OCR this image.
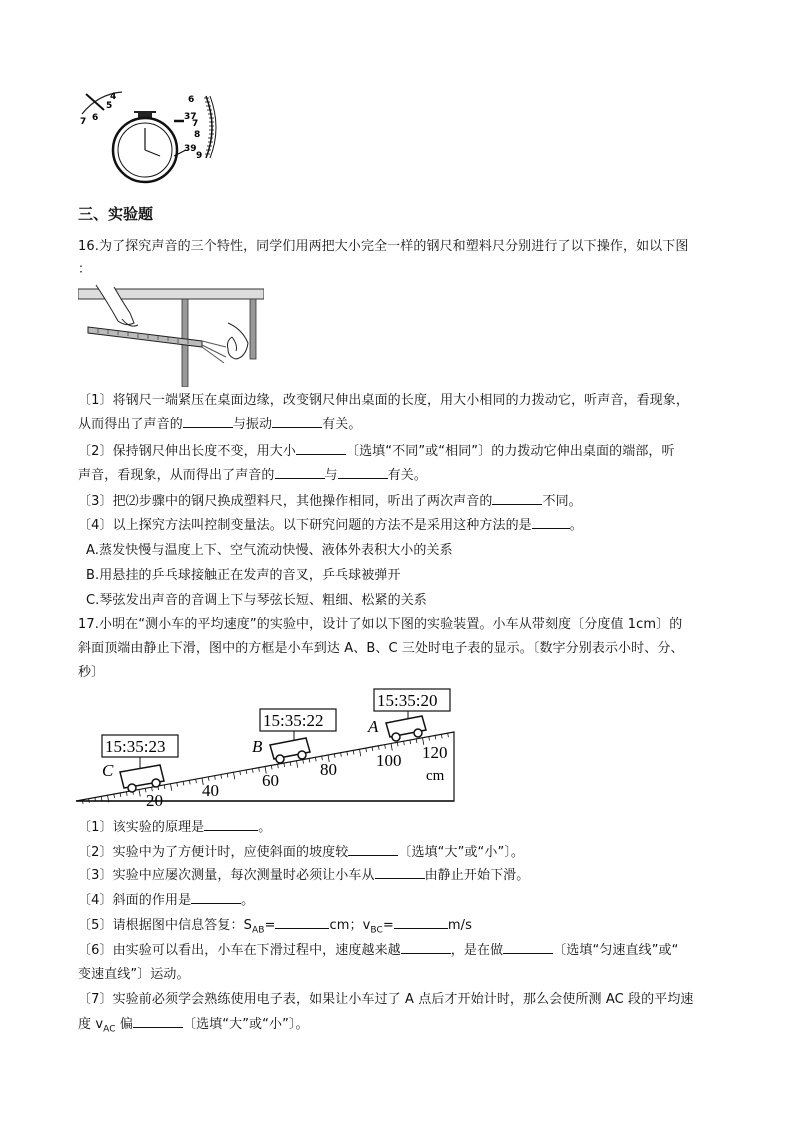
7 6
5
4	6
37
7
8
39
9
三、实验题
16.为了探究声音的三个特性，同学们用两把大小完全一样的钢尺和塑料尺分别进行了以下操作，如以下图
：
〔1〕将钢尺一端紧压在桌面边缘，改变钢尺伸出桌面的长度，用大小相同的力拨动它，听声音，看现象，
从而得出了声音的	与振动	有关。
〔2〕保持钢尺伸出长度不变，用大小	〔选填“不同”或“相同”〕的力拨动它伸出桌面的端部，听
声音，看现象，从而得出了声音的	与	有关。
〔3〕把⑵步骤中的钢尺换成塑料尺，其他操作相同，听出了两次声音的	不同。
〔4〕以上探究方法叫控制变量法。以下研究问题的方法不是采用这种方法的是	。
A.蒸发快慢与温度上下、空气流动快慢、液体外表积大小的关系
B.用悬挂的乒乓球接触正在发声的音叉，乒乓球被弹开
C.琴弦发出声音的音调上下与琴弦长短、粗细、松紧的关系
17.小明在“测小车的平均速度”的实验中，设计了如以下图的实验装置。小车从带刻度〔分度值 1cm〕的
斜面顶端由静止下滑，图中的方框是小车到达 A、B、C 三处时电子表的显示。〔数字分别表示小时、分、
秒〕
20
40
60
80 100 120
cm
C
15:35:23	B
15:35:22	A
15:35:20
〔1〕该实验的原理是	。
〔2〕实验中为了方便计时，应使斜面的坡度较	〔选填“大”或“小”〕。
〔3〕实验中应屡次测量，每次测量时必须让小车从	由静止开始下滑。
〔4〕斜面的作用是	。
〔5〕请根据图中信息答复：$S_{AB}=$	cm；$v_{BC}=$	m/s
〔6〕由实验可以看出，小车在下滑过程中，速度越来越	，是在做	〔选填“匀速直线”或“
变速直线”〕运动。
〔7〕实验前必须学会熟练使用电子表，如果让小车过了 A 点后才开始计时，那么会使所测 AC 段的平均速
度 $v_{AC}$ 偏	〔选填“大”或“小”〕。
